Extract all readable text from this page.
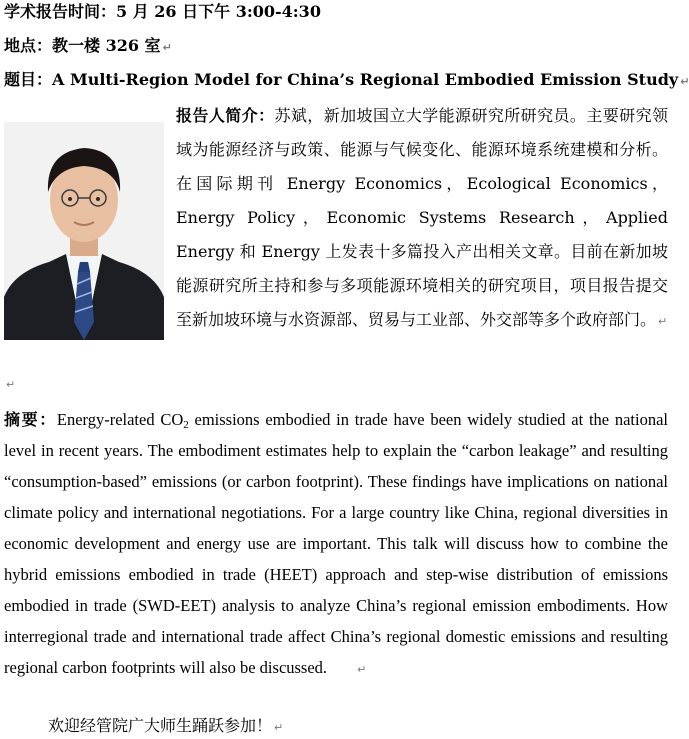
学术报告时间：5 月 26 日下午 3:00-4:30
地点：教一楼 326 室 ↵
题目：A Multi-Region Model for China’s Regional Embodied Emission Study ↵
报告人简介：苏斌，新加坡国立大学能源研究所研究员。主要研究领域为能源经济与政策、能源与气候变化、能源环境系统建模和分析。在国际期刊 Energy Economics，Ecological Economics，Energy Policy，Economic Systems Research，Applied Energy 和 Energy 上发表十多篇投入产出相关文章。目前在新加坡能源研究所主持和参与多项能源环境相关的研究项目，项目报告提交至新加坡环境与水资源部、贸易与工业部、外交部等多个政府部门。 ↵
↵
摘要：Energy-related $CO_2$ emissions embodied in trade have been widely studied at the national level in recent years. The embodiment estimates help to explain the “carbon leakage” and resulting “consumption-based” emissions (or carbon footprint). These findings have implications on national climate policy and international negotiations. For a large country like China, regional diversities in economic development and energy use are important. This talk will discuss how to combine the hybrid emissions embodied in trade (HEET) approach and step-wise distribution of emissions embodied in trade (SWD-EET) analysis to analyze China’s regional emission embodiments. How interregional trade and international trade affect China’s regional domestic emissions and resulting regional carbon footprints will also be discussed.	↵
欢迎经管院广大师生踊跃参加！ ↵
